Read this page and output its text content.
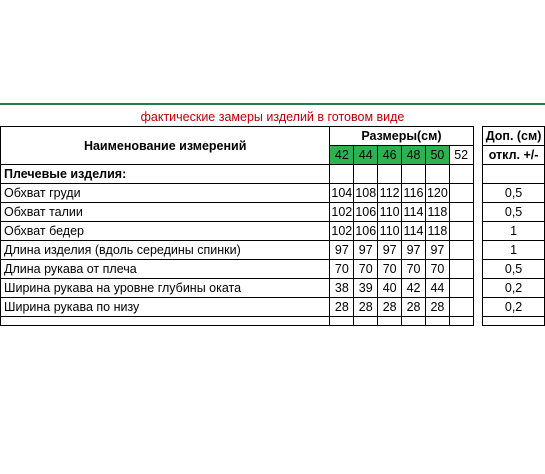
фактические замеры изделий в готовом виде								
Наименование измерений	Размеры(см)							Доп. (см)
	42	44	46	48	50	52		откл. +/-
Плечевые изделия:								
Обхват груди	104	108	112	116	120			0,5
Обхват талии	102	106	110	114	118			0,5
Обхват бедер	102	106	110	114	118			1
Длина изделия (вдоль середины спинки)	97	97	97	97	97			1
Длина рукава от плеча	70	70	70	70	70			0,5
Ширина рукава на уровне глубины оката	38	39	40	42	44			0,2
Ширина рукава по низу	28	28	28	28	28			0,2
